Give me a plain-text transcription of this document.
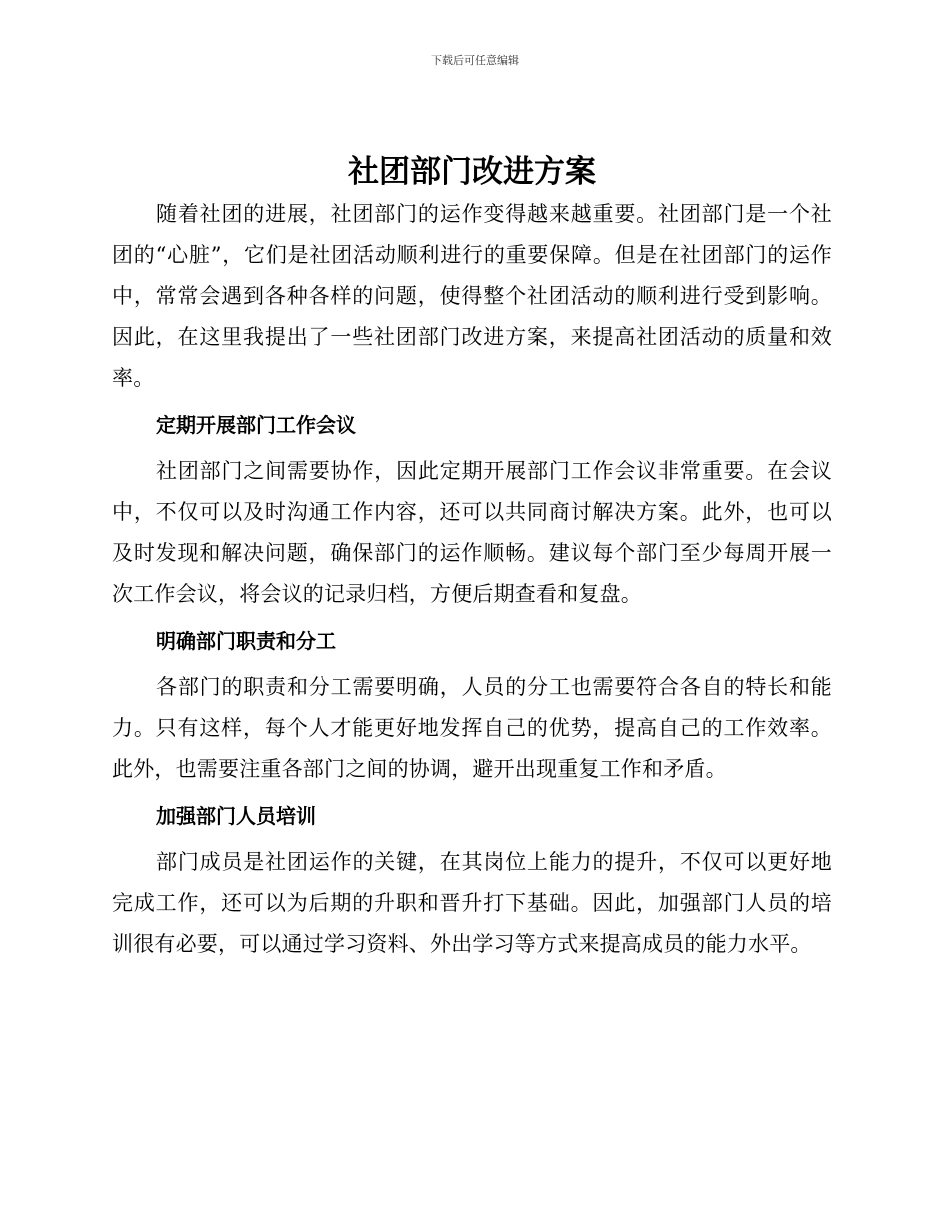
下载后可任意编辑
社团部门改进方案

随着社团的进展，社团部门的运作变得越来越重要。社团部门是一个社团的“心脏”，它们是社团活动顺利进行的重要保障。但是在社团部门的运作中，常常会遇到各种各样的问题，使得整个社团活动的顺利进行受到影响。因此，在这里我提出了一些社团部门改进方案，来提高社团活动的质量和效率。

定期开展部门工作会议

社团部门之间需要协作，因此定期开展部门工作会议非常重要。在会议中，不仅可以及时沟通工作内容，还可以共同商讨解决方案。此外，也可以及时发现和解决问题，确保部门的运作顺畅。建议每个部门至少每周开展一次工作会议，将会议的记录归档，方便后期查看和复盘。

明确部门职责和分工

各部门的职责和分工需要明确，人员的分工也需要符合各自的特长和能力。只有这样，每个人才能更好地发挥自己的优势，提高自己的工作效率。此外，也需要注重各部门之间的协调，避开出现重复工作和矛盾。

加强部门人员培训

部门成员是社团运作的关键，在其岗位上能力的提升，不仅可以更好地完成工作，还可以为后期的升职和晋升打下基础。因此，加强部门人员的培训很有必要，可以通过学习资料、外出学习等方式来提高成员的能力水平。
